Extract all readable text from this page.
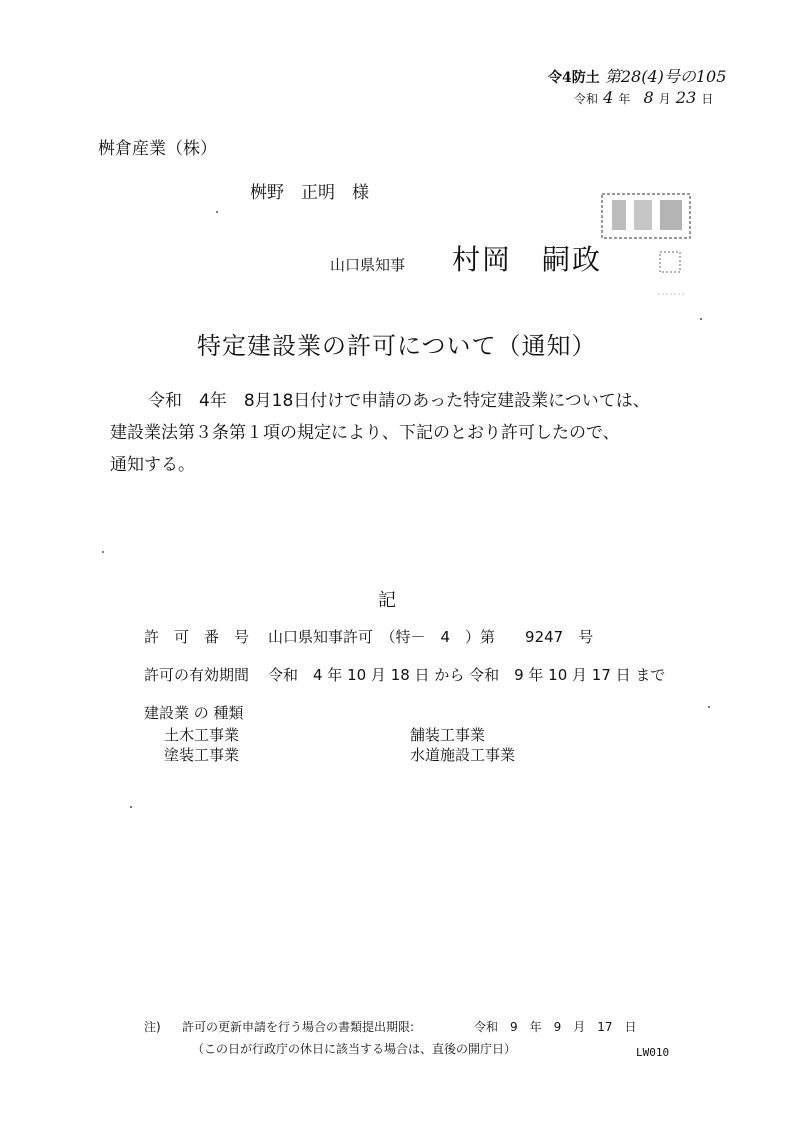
令4防土 第28(4)号の105
令和 4 年 8 月 23 日
桝倉産業（株）
桝野　正明　様
山口県知事 村岡　嗣政
特定建設業の許可について（通知）
令和　4年　8月18日付けで申請のあった特定建設業については、
建設業法第３条第１項の規定により、下記のとおり許可したので、
通知する。
記
許　可　番　号 山口県知事許可　（特－　4　）第　　9247　号
許可の有効期間 令和　4 年 10 月 18 日 から 令和　9 年 10 月 17 日 まで
建設業 の 種類
土木工事業	舗装工事業
塗装工事業	水道施設工事業
注) 許可の更新申請を行う場合の書類提出期限:	令和　9　年　9　月　17　日
（この日が行政庁の休日に該当する場合は、直後の開庁日）	LW010
